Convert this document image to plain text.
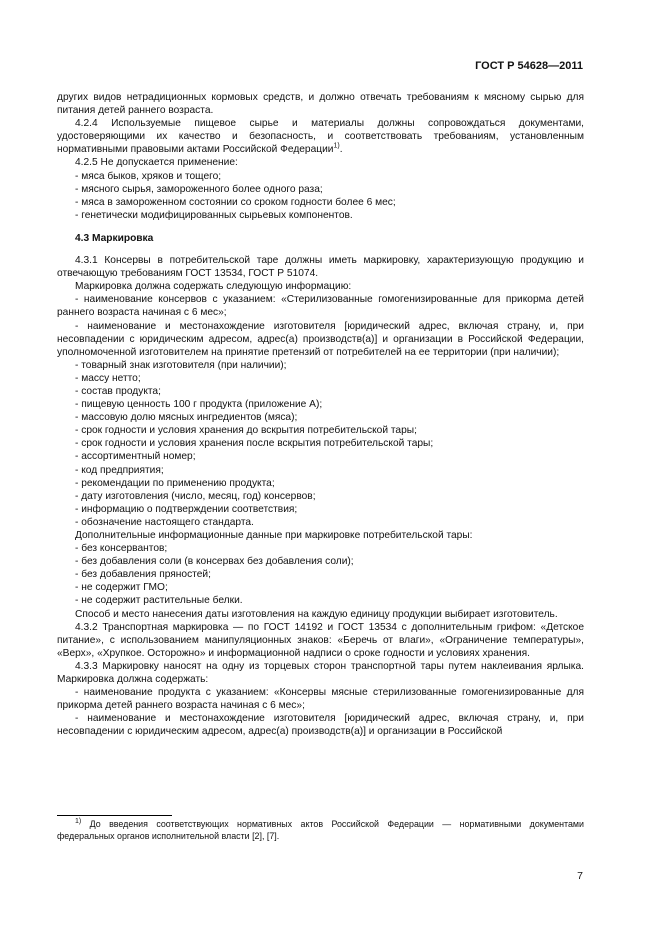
ГОСТ Р 54628—2011

других видов нетрадиционных кормовых средств, и должно отвечать требованиям к мясному сырью для питания детей раннего возраста.

4.2.4 Используемые пищевое сырье и материалы должны сопровождаться документами, удостоверяющими их качество и безопасность, и соответствовать требованиям, установленным нормативными правовыми актами Российской Федерации$^{1)}$.

4.2.5 Не допускается применение:

- мяса быков, хряков и тощего;

- мясного сырья, замороженного более одного раза;

- мяса в замороженном состоянии со сроком годности более 6 мес;

- генетически модифицированных сырьевых компонентов.

4.3 Маркировка

4.3.1 Консервы в потребительской таре должны иметь маркировку, характеризующую продукцию и отвечающую требованиям ГОСТ 13534, ГОСТ Р 51074.

Маркировка должна содержать следующую информацию:

- наименование консервов с указанием: «Стерилизованные гомогенизированные для прикорма детей раннего возраста начиная с 6 мес»;

- наименование и местонахождение изготовителя [юридический адрес, включая страну, и, при несовпадении с юридическим адресом, адрес(а) производств(а)] и организации в Российской Федерации, уполномоченной изготовителем на принятие претензий от потребителей на ее территории (при наличии);

- товарный знак изготовителя (при наличии);

- массу нетто;

- состав продукта;

- пищевую ценность 100 г продукта (приложение А);

- массовую долю мясных ингредиентов (мяса);

- срок годности и условия хранения до вскрытия потребительской тары;

- срок годности и условия хранения после вскрытия потребительской тары;

- ассортиментный номер;

- код предприятия;

- рекомендации по применению продукта;

- дату изготовления (число, месяц, год) консервов;

- информацию о подтверждении соответствия;

- обозначение настоящего стандарта.

Дополнительные информационные данные при маркировке потребительской тары:

- без консервантов;

- без добавления соли (в консервах без добавления соли);

- без добавления пряностей;

- не содержит ГМО;

- не содержит растительные белки.

Способ и место нанесения даты изготовления на каждую единицу продукции выбирает изготовитель.

4.3.2 Транспортная маркировка — по ГОСТ 14192 и ГОСТ 13534 с дополнительным грифом: «Детское питание», с использованием манипуляционных знаков: «Беречь от влаги», «Ограничение температуры», «Верх», «Хрупкое. Осторожно» и информационной надписи о сроке годности и условиях хранения.

4.3.3 Маркировку наносят на одну из торцевых сторон транспортной тары путем наклеивания ярлыка. Маркировка должна содержать:

- наименование продукта с указанием: «Консервы мясные стерилизованные гомогенизированные для прикорма детей раннего возраста начиная с 6 мес»;

- наименование и местонахождение изготовителя [юридический адрес, включая страну, и, при несовпадении с юридическим адресом, адрес(а) производств(а)] и организации в Российской

$^{1)}$ До введения соответствующих нормативных актов Российской Федерации — нормативными документами федеральных органов исполнительной власти [2], [7].
7
